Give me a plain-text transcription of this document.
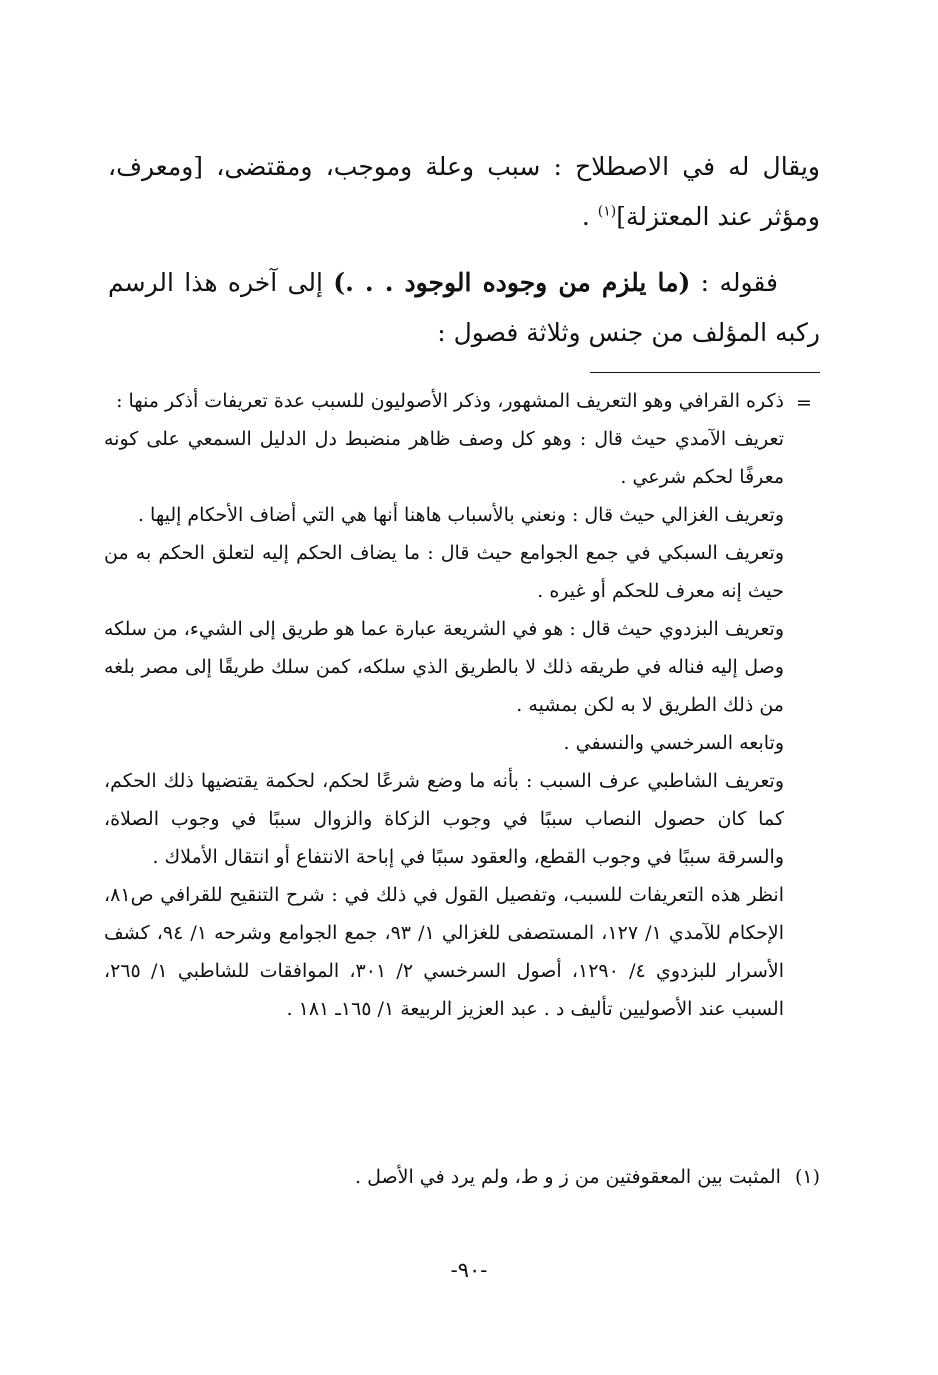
ويقال له في الاصطلاح : سبب وعلة وموجب، ومقتضى، [ومعرف، ومؤثر عند المعتزلة]$^{(١)}$ .

فقوله : (ما يلزم من وجوده الوجود . . .) إلى آخره هذا الرسم ركبه المؤلف من جنس وثلاثة فصول :

=

ذكره القرافي وهو التعريف المشهور، وذكر الأصوليون للسبب عدة تعريفات أذكر منها :

تعريف الآمدي حيث قال : وهو كل وصف ظاهر منضبط دل الدليل السمعي على كونه معرفًا لحكم شرعي .

وتعريف الغزالي حيث قال : ونعني بالأسباب هاهنا أنها هي التي أضاف الأحكام إليها .

وتعريف السبكي في جمع الجوامع حيث قال : ما يضاف الحكم إليه لتعلق الحكم به من حيث إنه معرف للحكم أو غيره .

وتعريف البزدوي حيث قال : هو في الشريعة عبارة عما هو طريق إلى الشيء، من سلكه وصل إليه فناله في طريقه ذلك لا بالطريق الذي سلكه، كمن سلك طريقًا إلى مصر بلغه من ذلك الطريق لا به لكن بمشيه .

وتابعه السرخسي والنسفي .

وتعريف الشاطبي عرف السبب : بأنه ما وضع شرعًا لحكم، لحكمة يقتضيها ذلك الحكم، كما كان حصول النصاب سببًا في وجوب الزكاة والزوال سببًا في وجوب الصلاة، والسرقة سببًا في وجوب القطع، والعقود سببًا في إباحة الانتفاع أو انتقال الأملاك .

انظر هذه التعريفات للسبب، وتفصيل القول في ذلك في : شرح التنقيح للقرافي ص٨١، الإحكام للآمدي ١/ ١٢٧، المستصفى للغزالي ١/ ٩٣، جمع الجوامع وشرحه ١/ ٩٤، كشف الأسرار للبزدوي ٤/ ١٢٩٠، أصول السرخسي ٢/ ٣٠١، الموافقات للشاطبي ١/ ٢٦٥، السبب عند الأصوليين تأليف د . عبد العزيز الربيعة ١/ ١٦٥ـ ١٨١ .

(١)المثبت بين المعقوفتين من ز و ط، ولم يرد في الأصل .
-٩٠-
